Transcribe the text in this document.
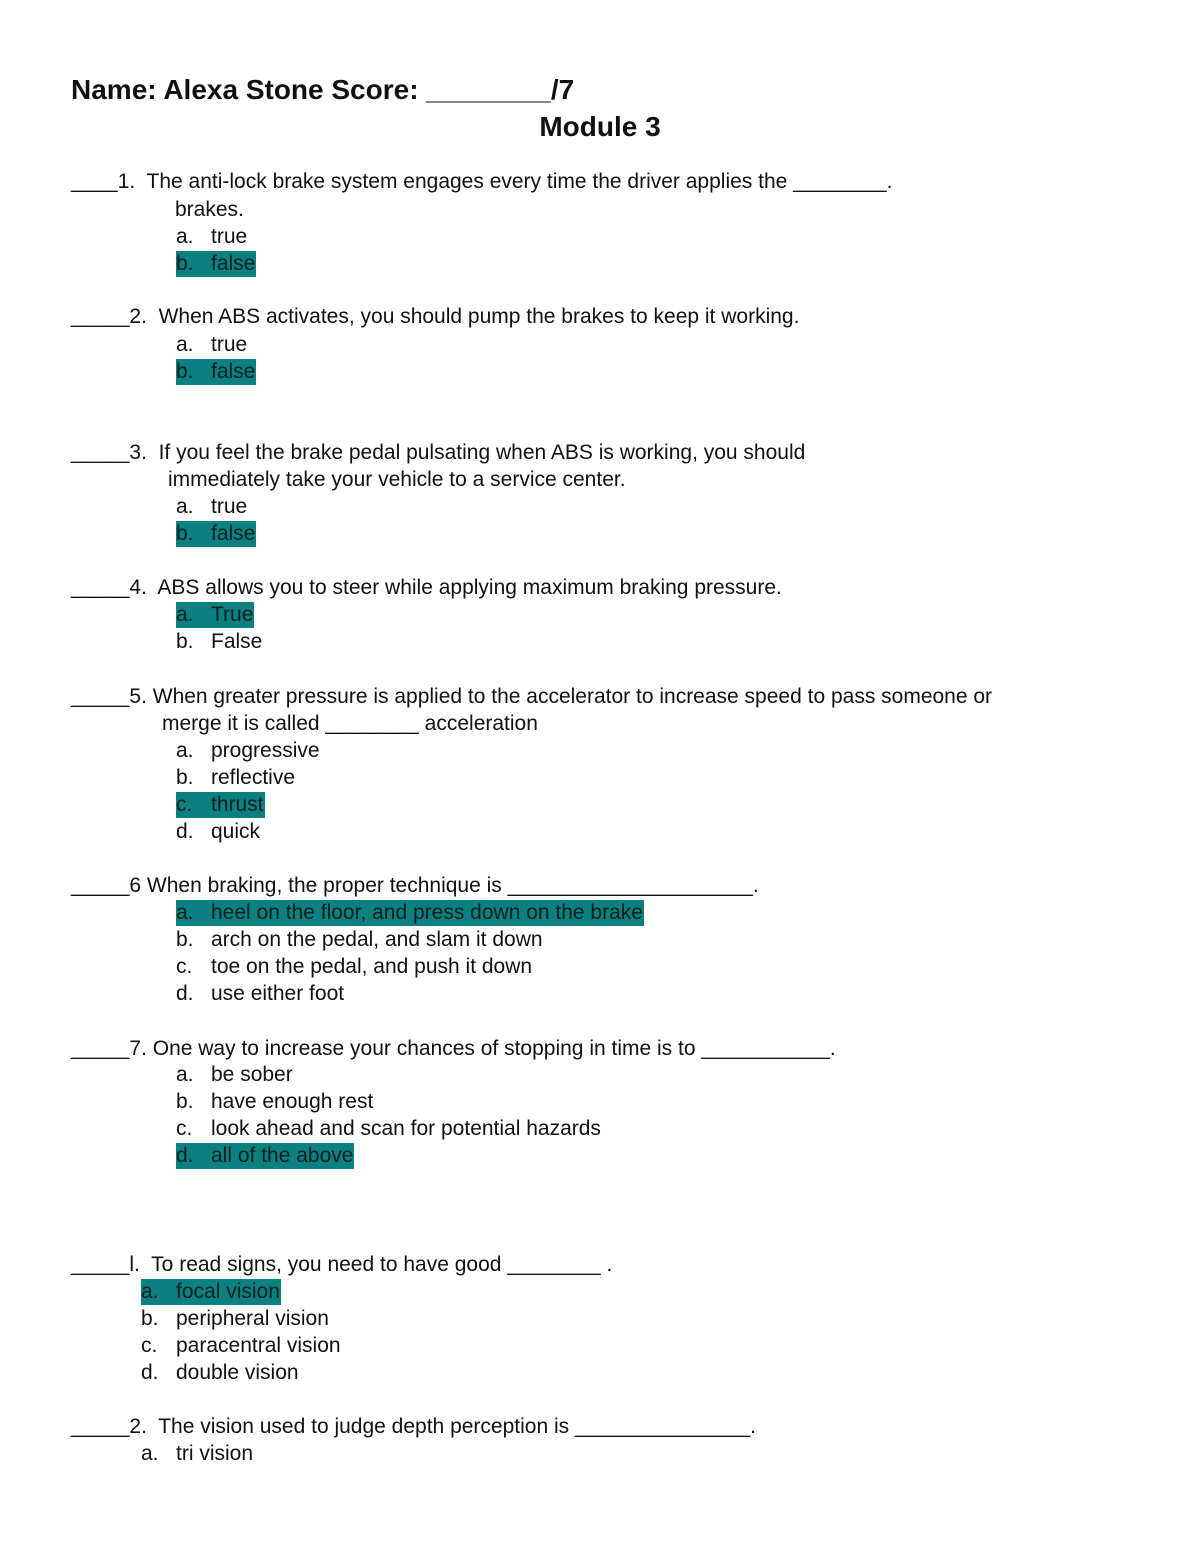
Name: Alexa Stone Score: ________/7
Module 3
____1.  The anti-lock brake system engages every time the driver applies the ________.
brakes.
a. true
b. false
_____2.  When ABS activates, you should pump the brakes to keep it working.
a. true
b. false
_____3.  If you feel the brake pedal pulsating when ABS is working, you should
immediately take your vehicle to a service center.
a. true
b. false
_____4.  ABS allows you to steer while applying maximum braking pressure.
a. True
b. False
_____5. When greater pressure is applied to the accelerator to increase speed to pass someone or
merge it is called ________ acceleration
a. progressive
b. reflective
c. thrust
d. quick
_____6 When braking, the proper technique is _____________________.
a. heel on the floor, and press down on the brake
b. arch on the pedal, and slam it down
c. toe on the pedal, and push it down
d. use either foot
_____7. One way to increase your chances of stopping in time is to ___________.
a. be sober
b. have enough rest
c. look ahead and scan for potential hazards
d. all of the above
_____l.  To read signs, you need to have good ________ .
a. focal vision
b. peripheral vision
c. paracentral vision
d. double vision
_____2.  The vision used to judge depth perception is _______________.
a. tri vision
